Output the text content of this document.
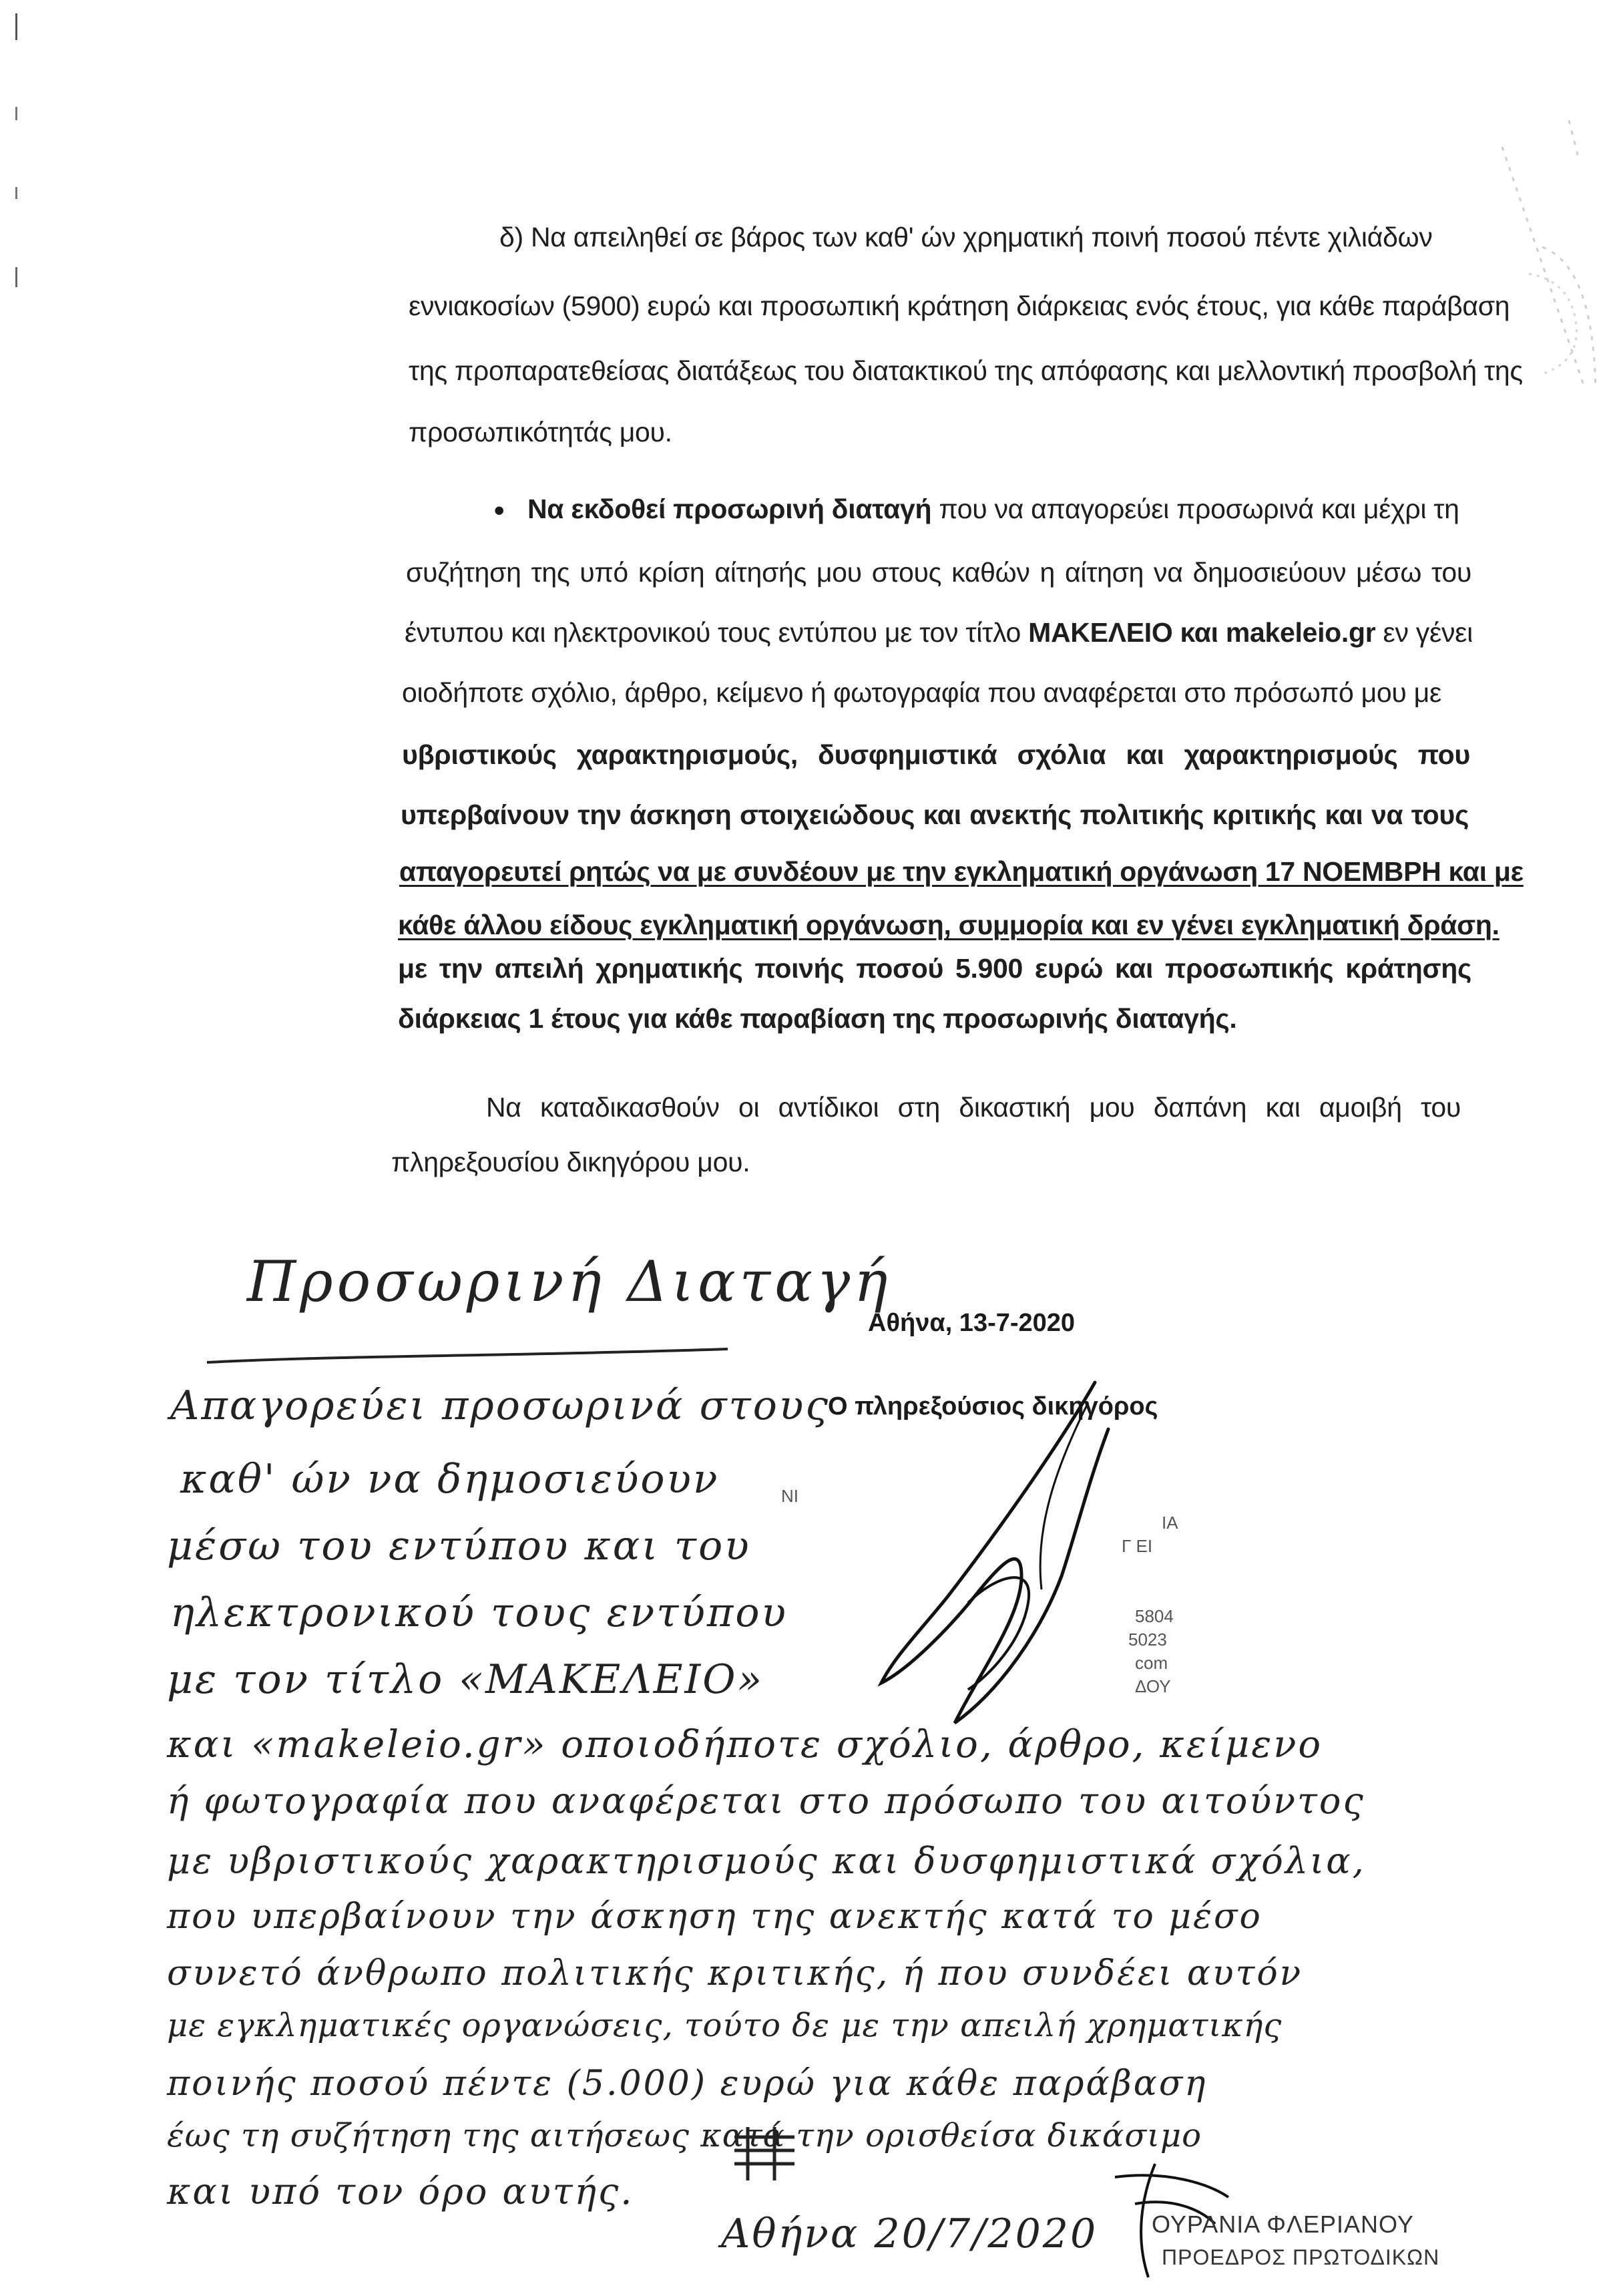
δ) Να απειληθεί σε βάρος των καθ' ών χρηματική ποινή ποσού πέντε χιλιάδων
εννιακοσίων (5900) ευρώ και προσωπική κράτηση διάρκειας ενός έτους, για κάθε παράβαση
της προπαρατεθείσας διατάξεως του διατακτικού της απόφασης και μελλοντική προσβολή της
προσωπικότητάς μου.
• Να εκδοθεί προσωρινή διαταγή που να απαγορεύει προσωρινά και μέχρι τη
συζήτηση της υπό κρίση αίτησής μου στους καθών η αίτηση να δημοσιεύουν μέσω του
έντυπου και ηλεκτρονικού τους εντύπου με τον τίτλο ΜΑΚΕΛΕΙΟ και makeleio.gr εν γένει
οιοδήποτε σχόλιο, άρθρο, κείμενο ή φωτογραφία που αναφέρεται στο πρόσωπό μου με
υβριστικούς χαρακτηρισμούς, δυσφημιστικά σχόλια και χαρακτηρισμούς που
υπερβαίνουν την άσκηση στοιχειώδους και ανεκτής πολιτικής κριτικής και να τους
απαγορευτεί ρητώς να με συνδέουν με την εγκληματική οργάνωση 17 ΝΟΕΜΒΡΗ και με
κάθε άλλου είδους εγκληματική οργάνωση, συμμορία και εν γένει εγκληματική δράση.
με την απειλή χρηματικής ποινής ποσού 5.900 ευρώ και προσωπικής κράτησης
διάρκειας 1 έτους για κάθε παραβίαση της προσωρινής διαταγής.
Να καταδικασθούν οι αντίδικοι στη δικαστική μου δαπάνη και αμοιβή του
πληρεξουσίου δικηγόρου μου.
Αθήνα, 13-7-2020
Ο πληρεξούσιος δικηγόρος
ΝΙ
ΙΑ
Γ ΕΙ
5804
5023
com
ΔΟΥ
Προσωρινή Διαταγή
Απαγορεύει προσωρινά στους
καθ' ών να δημοσιεύουν
μέσω του εντύπου και του
ηλεκτρονικού τους εντύπου
με τον τίτλο «ΜΑΚΕΛΕΙΟ»
και «makeleio.gr» οποιοδήποτε σχόλιο, άρθρο, κείμενο
ή φωτογραφία που αναφέρεται στο πρόσωπο του αιτούντος
με υβριστικούς χαρακτηρισμούς και δυσφημιστικά σχόλια,
που υπερβαίνουν την άσκηση της ανεκτής κατά το μέσο
συνετό άνθρωπο πολιτικής κριτικής, ή που συνδέει αυτόν
με εγκληματικές οργανώσεις, τούτο δε με την απειλή χρηματικής
ποινής ποσού πέντε (5.000) ευρώ για κάθε παράβαση
έως τη συζήτηση της αιτήσεως κατά την ορισθείσα δικάσιμο
και υπό τον όρο αυτής.
Αθήνα 20/7/2020 ΟΥΡΑΝΙΑ ΦΛΕΡΙΑΝΟΥ
ΠΡΟΕΔΡΟΣ ΠΡΩΤΟΔΙΚΩΝ
